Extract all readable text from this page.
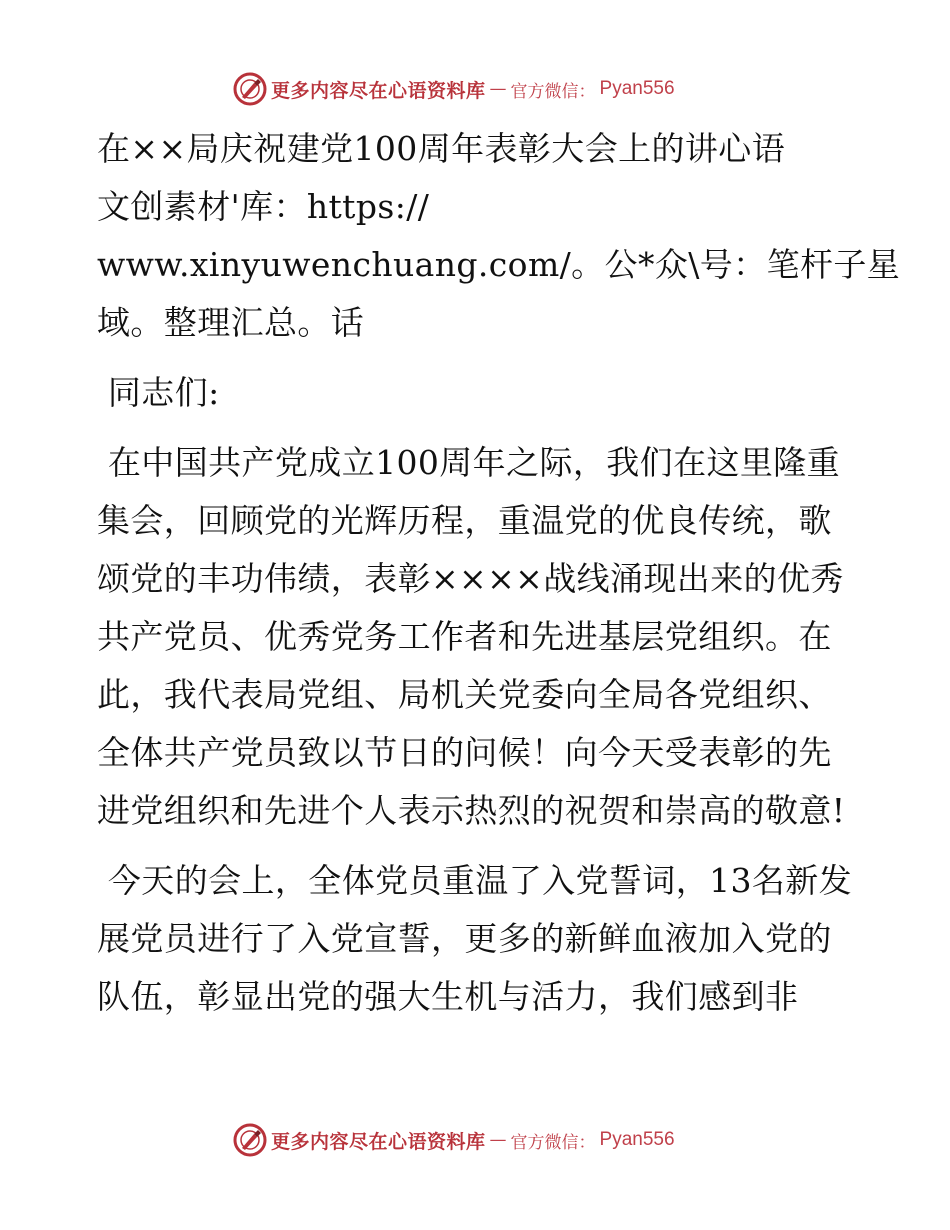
更多内容尽在心语资料库 — 官方微信： Pyan556

在××局庆祝建党100周年表彰大会上的讲心语

文创素材'库：https://

www.xinyuwenchuang.com/。公*众\号：笔杆子星

域。整理汇总。话

同志们:

在中国共产党成立100周年之际，我们在这里隆重集会，回顾党的光辉历程，重温党的优良传统，歌颂党的丰功伟绩，表彰××××战线涌现出来的优秀共产党员、优秀党务工作者和先进基层党组织。在此，我代表局党组、局机关党委向全局各党组织、全体共产党员致以节日的问候！向今天受表彰的先进党组织和先进个人表示热烈的祝贺和崇高的敬意!

今天的会上，全体党员重温了入党誓词，13名新发展党员进行了入党宣誓，更多的新鲜血液加入党的队伍，彰显出党的强大生机与活力，我们感到非

更多内容尽在心语资料库 — 官方微信： Pyan556
